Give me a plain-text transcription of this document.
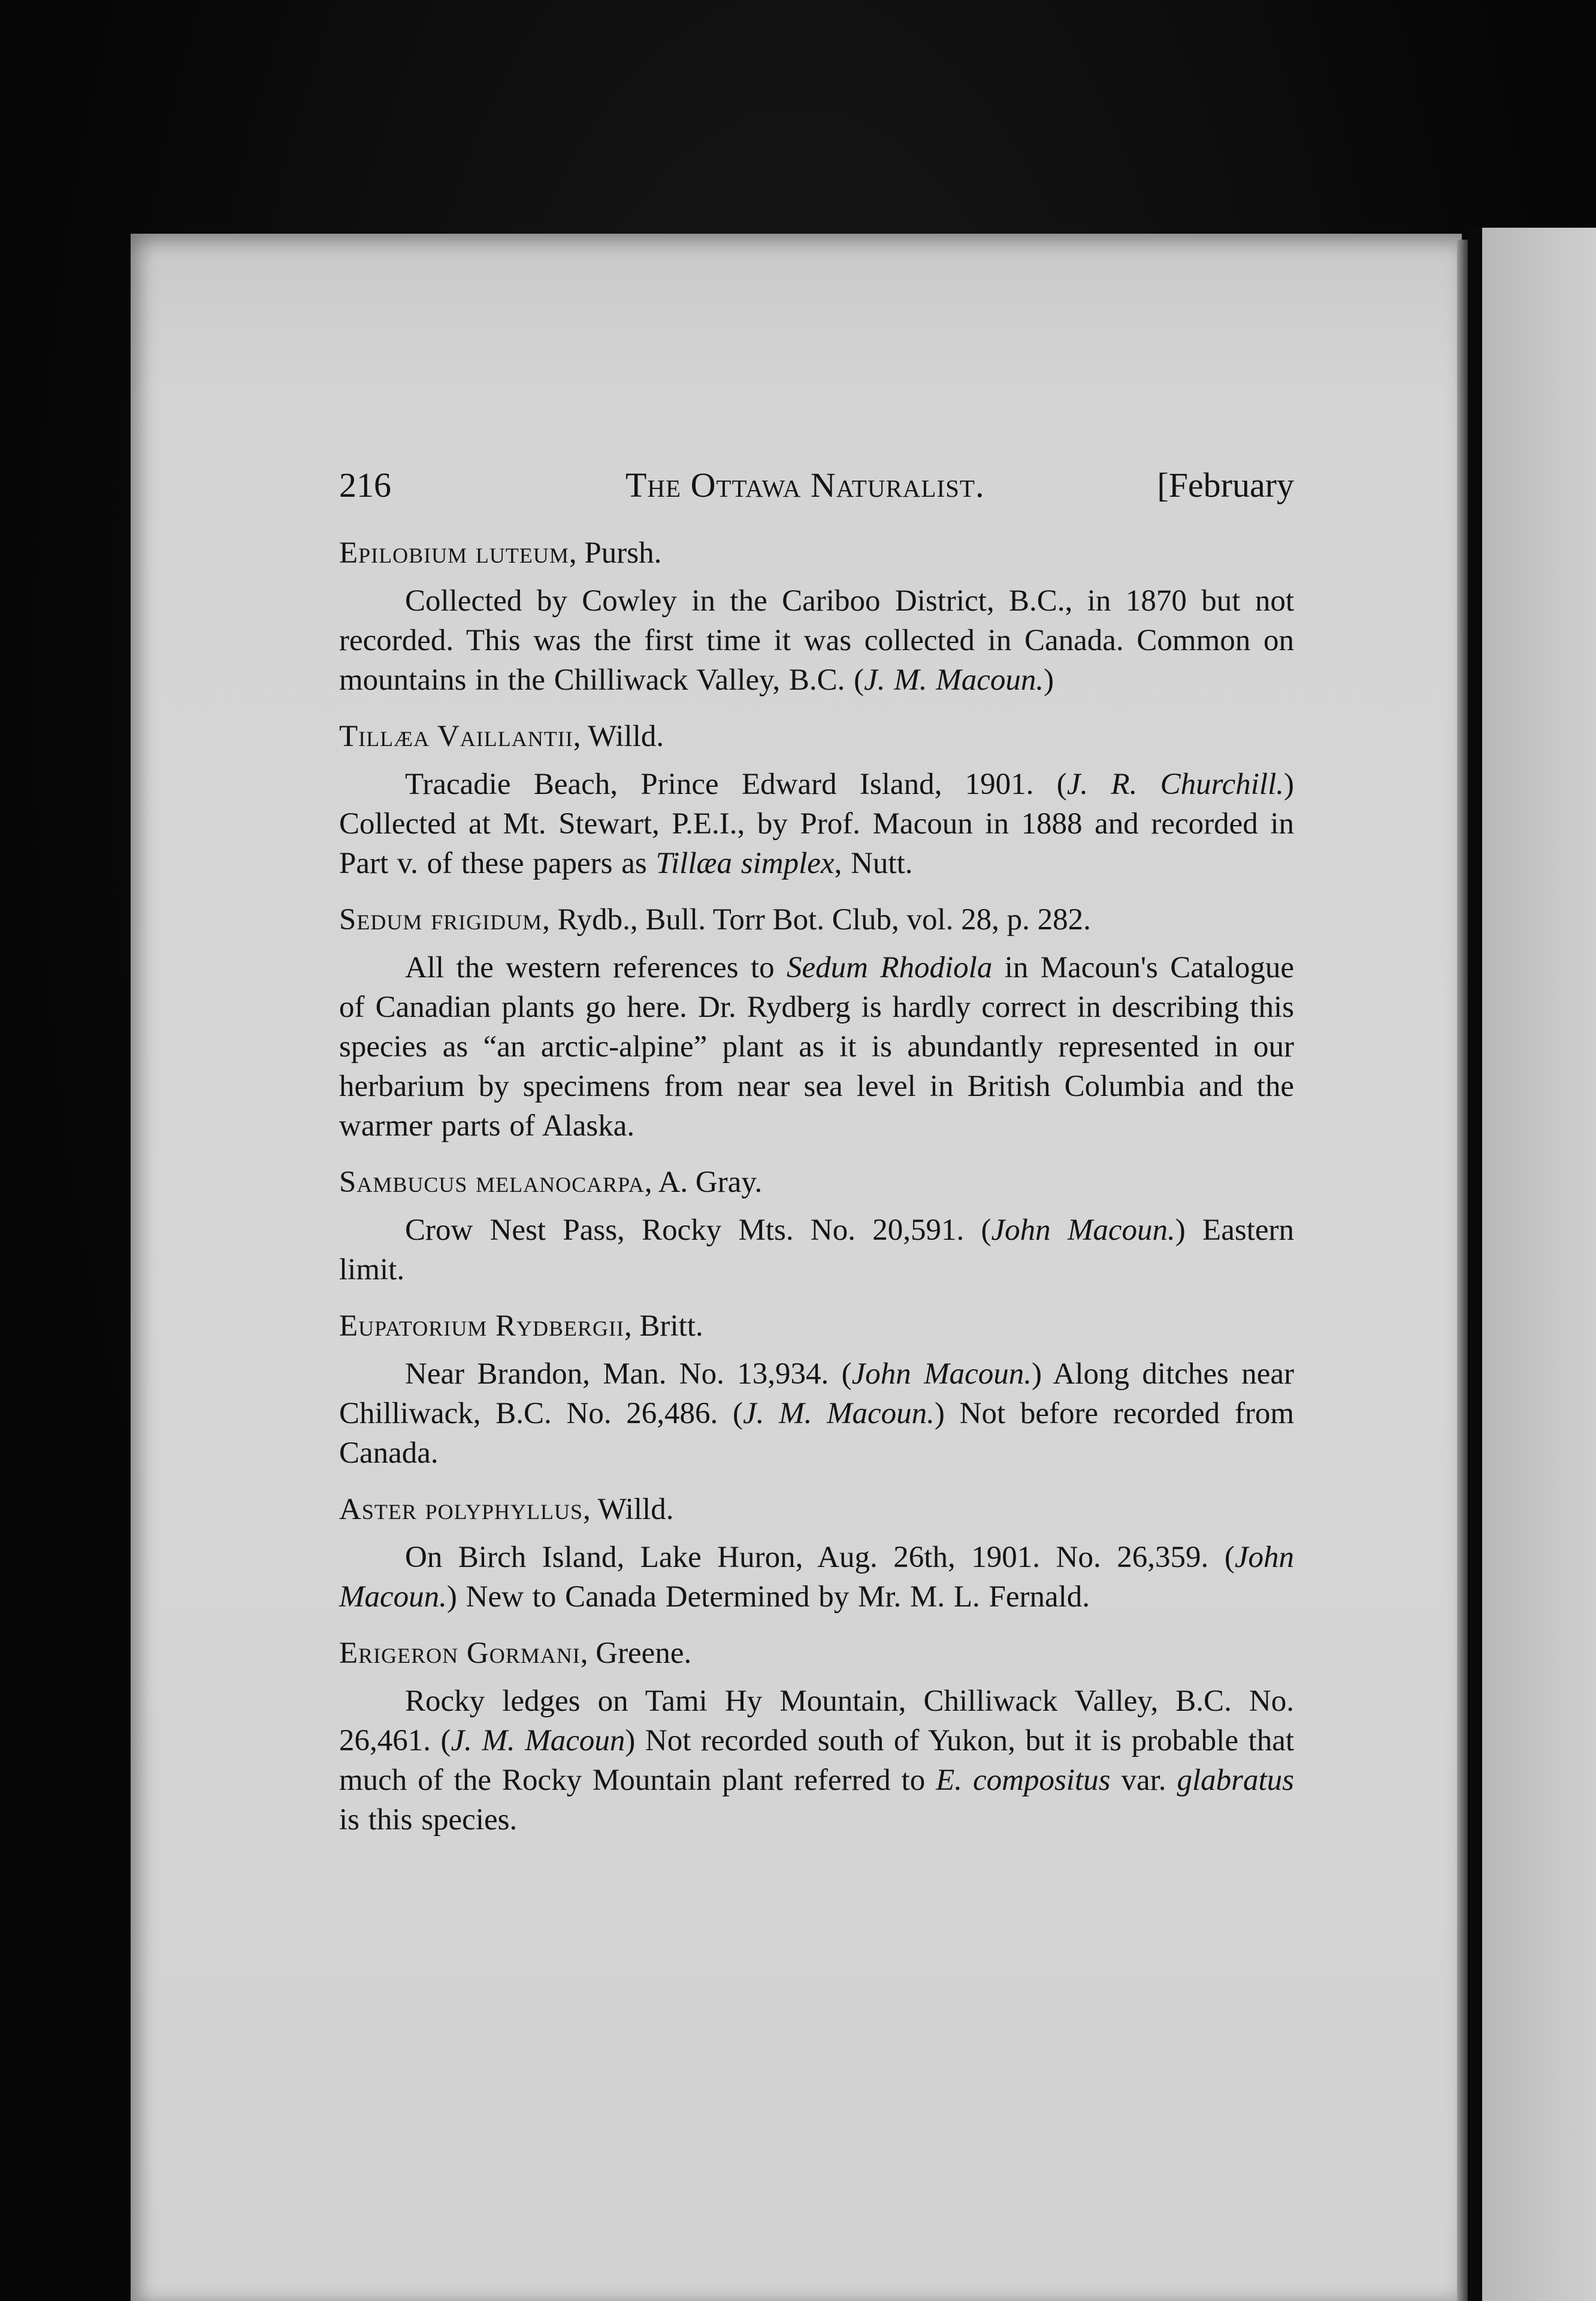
216	The Ottawa Naturalist.	[February

Epilobium luteum, Pursh.

Collected by Cowley in the Cariboo District, B.C., in 1870 but not recorded. This was the first time it was collected in Canada. Common on mountains in the Chilliwack Valley, B.C. (J. M. Macoun.)

Tillæa Vaillantii, Willd.

Tracadie Beach, Prince Edward Island, 1901. (J. R. Churchill.) Collected at Mt. Stewart, P.E.I., by Prof. Macoun in 1888 and recorded in Part v. of these papers as Tillæa simplex, Nutt.

Sedum frigidum, Rydb., Bull. Torr Bot. Club, vol. 28, p. 282.

All the western references to Sedum Rhodiola in Macoun's Catalogue of Canadian plants go here. Dr. Rydberg is hardly correct in describing this species as “an arctic-alpine” plant as it is abundantly represented in our herbarium by specimens from near sea level in British Columbia and the warmer parts of Alaska.

Sambucus melanocarpa, A. Gray.

Crow Nest Pass, Rocky Mts. No. 20,591. (John Macoun.) Eastern limit.

Eupatorium Rydbergii, Britt.

Near Brandon, Man. No. 13,934. (John Macoun.) Along ditches near Chilliwack, B.C. No. 26,486. (J. M. Macoun.) Not before recorded from Canada.

Aster polyphyllus, Willd.

On Birch Island, Lake Huron, Aug. 26th, 1901. No. 26,359. (John Macoun.) New to Canada Determined by Mr. M. L. Fernald.

Erigeron Gormani, Greene.

Rocky ledges on Tami Hy Mountain, Chilliwack Valley, B.C. No. 26,461. (J. M. Macoun) Not recorded south of Yukon, but it is probable that much of the Rocky Mountain plant referred to E. compositus var. glabratus is this species.
